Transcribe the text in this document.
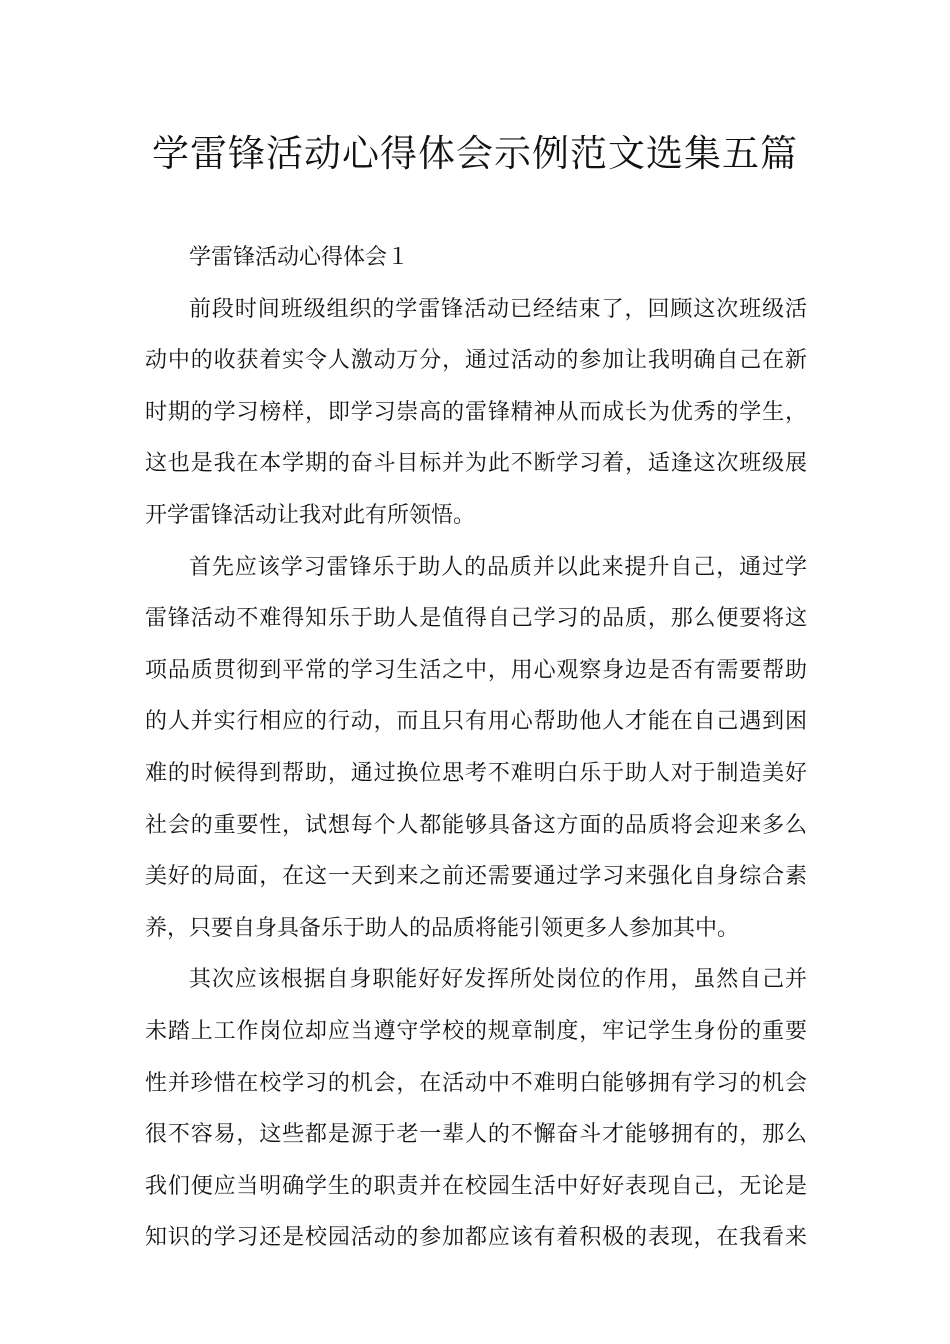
学雷锋活动心得体会示例范文选集五篇
学雷锋活动心得体会１
前段时间班级组织的学雷锋活动已经结束了，回顾这次班级活
动中的收获着实令人激动万分，通过活动的参加让我明确自己在新
时期的学习榜样，即学习崇高的雷锋精神从而成长为优秀的学生，
这也是我在本学期的奋斗目标并为此不断学习着，适逢这次班级展
开学雷锋活动让我对此有所领悟。
首先应该学习雷锋乐于助人的品质并以此来提升自己，通过学
雷锋活动不难得知乐于助人是值得自己学习的品质，那么便要将这
项品质贯彻到平常的学习生活之中，用心观察身边是否有需要帮助
的人并实行相应的行动，而且只有用心帮助他人才能在自己遇到困
难的时候得到帮助，通过换位思考不难明白乐于助人对于制造美好
社会的重要性，试想每个人都能够具备这方面的品质将会迎来多么
美好的局面，在这一天到来之前还需要通过学习来强化自身综合素
养，只要自身具备乐于助人的品质将能引领更多人参加其中。
其次应该根据自身职能好好发挥所处岗位的作用，虽然自己并
未踏上工作岗位却应当遵守学校的规章制度，牢记学生身份的重要
性并珍惜在校学习的机会，在活动中不难明白能够拥有学习的机会
很不容易，这些都是源于老一辈人的不懈奋斗才能够拥有的，那么
我们便应当明确学生的职责并在校园生活中好好表现自己，无论是
知识的学习还是校园活动的参加都应该有着积极的表现，在我看来
